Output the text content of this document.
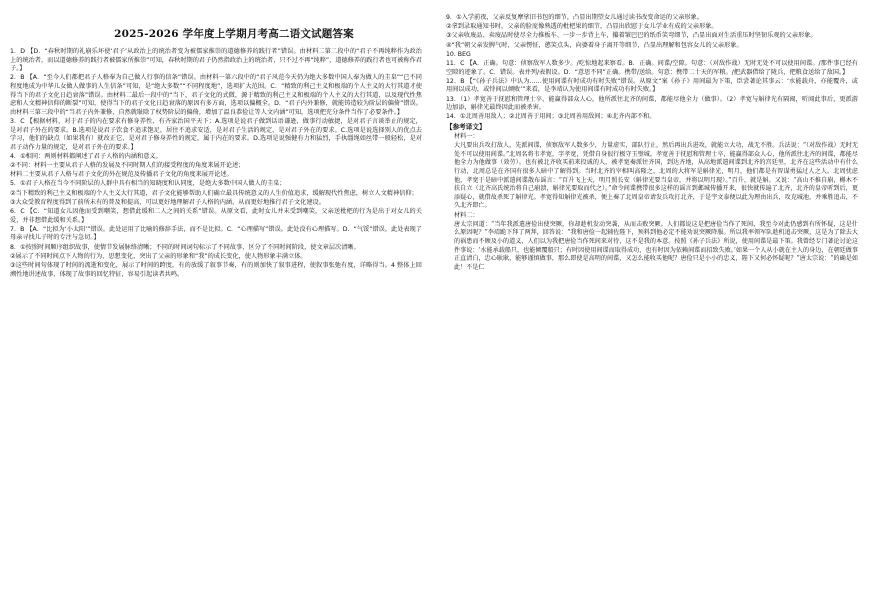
2025-2026 学年度上学期月考高二语文试题答案

1．D 【D．“春秋时期的礼崩乐坏使‘君子’从政治上的统治者变为被儒家推崇的道德修养的践行者”错误。由材料二第二段中的“君子不再纯粹作为政治上的统治者，而以道德修养的践行者被儒家所推崇”可知，春秋时期的君子仍然指政治上的统治者，只不过不再“纯粹”，道德修养的践行者也可被称作君子。】

2．B 【A．“至今人们都把君子人格奉为自己做人行事的信条”错误。由材料一第六段中的“君子风范今天仍为绝大多数中国人奉为做人的圭臬”“已不同程度地成为中华儿女做人做事的人生信条”可知，是“绝大多数”“不同程度地”，选项扩大范围。C．“精致的利己主义和极端的个人主义的大行其道才使得当下的君子文化日趋衰落”错误。由材料二最后一段中的“当下，君子文化的式微，源于精致的利己主义和极端的个人主义的大行其道，以及现代性焦虑和人文精神信仰的断裂”可知，使得当下的君子文化日趋衰落的原因有多方面，选项以偏概全。D．“君子内外兼修，就能铸造较为阶层的偏倚”错误。由材料三第三段中的“当君子内外兼修，自然就耻除了权势阶层的偏倚，增加了温良恭俭让等人文内涵”可知，选项把充分条件当作了必要条件。】

3．C 【根据材料，对于君子的内在要求有修身养性，有齐家治国平天下；A.选项是说君子做到话语谦逊，做事行动敏捷，是对君子言谈举止的规定，是对君子外在的要求。B.选项是说君子饮食不追求饱足，居住不追求安适，是对君子生活的规定，是对君子外在的要求。C.选项是说选择别人的优点去学习，他们的缺点（如果我有）就改正它，是对君子修身养性的规定，属于内在的要求。D.选项是说强健有力和猛烈，手执缰绳如丝带一般轻松，是对君子动作力量的规定，是对君子外在的要求。】

4．①相同：两则材料都阐述了君子人格的内涵和意义。

②不同：材料一主要从君子人格的发展及不同时期人们的接受程度的角度来展开论述；

材料二主要从君子人格与君子文化的外在规范及传播君子文化的角度来展开论述。

5．①君子人格在当今不同阶层的人群中具有相当的知晓度和认同度，是绝大多数中国人做人的圭臬；

②当下精致的利己主义和极端的个人主义大行其道，君子文化能够帮助人们确立最具传统意义的人生价值追求，缓解现代性焦虑，树立人文精神信仰；

③大众受教育程度得到了前所未有的普及和提高，可以更好地理解君子人格的内涵，从而更好地推行君子文化建设。

6．C 【C．“知道女儿因他而受到嘲笑，想借此缓和二人之间的关系”错误。从原文看，此时女儿并未受到嘲笑，父亲送枇杷的行为是出于对女儿的关爱，并非想借此缓和关系。】

7．B 【A．“比拟为‘小太阳’”错误。此处运用了比喻的修辞手法，而不是比拟。C．“心理描写”错误。此处没有心理描写。D．“气馁”错误，此处表现了母亲寻找儿子时的专注与急切。】

8．①按照时间顺序组织故事，使情节发展脉络清晰；不同的时间词句标示了不同故事，区分了不同时间阶段，使文章层次清晰。

②展示了不同时间点下人物的行为、思想变化，突出了父亲的形象和“我”的成长变化，使人物形象丰满立体。

③这些时间句体现了时间的流逝和变化，展示了时间的跨度，有的放缓了叙事节奏，有的则加快了叙事进程，使叙事张弛有度，详略得当。4 整体上回溯性地讲述故事，体现了故事的回忆特征，容易引起读者共鸣。

9．①入学前夜，父亲反复摩挲旧书包的细节，凸显出期望女儿通过读书改变命运的父亲形象。

②拿到录取通知书时，父亲的脸庞像熟透的枇杷果的细节，凸显出欣慰于女儿学业有成的父亲形象。

③父亲收废品、卖废品时使尽全力推板车、一步一步背上车，攥着皱巴巴的纸币笑弯细节，凸显出面对生活重压时坚韧乐观的父亲形象。

④“我”朝父亲发脾气时，父亲愣怔，憨笑点头，向婆着身子离开等细节，凸显出理解和包容女儿的父亲形象。

10. BEG

11．C 【A．正确。句意：侦察敌军人数多少。/吃惊地起来察看。B．正确。间谍/空隙。句意：（对敌作战）无时无处不可以使用间谍。/那件事已经有空隙的迹象了。C．错误。表并列/表假设。D．“意思不同”正确。携带/送给。句意：携带二十天的军粮。/把武器借给了陇兵，把粮食送给了敌国。】

12．B 【“《孙子兵法》中认为……使用间谍有时成功有时失败”错误。从原文“案《孙子》用间最为下策，臣尝著论其事云：‘水能载舟，亦能覆舟，或用间以成功，或恃间以倾败’”来看，是李靖认为使用间谍有时成功有时失败。】

13．（1）孝宽善于抚慰和管理士卒，能赢得部众人心，他所派往北齐的间谍，都能尽他全力（做事）。（2）孝宽与斛律光有隔阂，听闻此事后，更派游边加添，斛律光最终因此而被杀害。

14．①北周善用敌人；②北周善于用间；③北周善用敌间；④北齐内部不和。

【参考译文】

材料一：

大凡要出兵攻打敌人，先派间谍，侦察敌军人数多少，力量虚实，部队行止，然后再出兵进攻，就能立大功，战无不胜。兵法说：“（对敌作战）无时无处不可以使用间谍。”北周名将韦孝宽，字孝宽，凭借自身很行极守玉璧城。孝宽善于抚慰和管理士卒，能赢得部众人心，他所派往北齐的间谍，都能尽他全力为他做事（效劳）。也有被北齐收买前来投诚的人，被孝宽奏派往齐国，到达齐地，从高地派遣间谍到北齐的宫廷里，北齐在这些活动中有什么行动，北周总是在齐国有很多人暗中了解得到。当时北齐的宰相叫高隆之，北周的大将军是斛律光，明月，他们都是有智谋勇猛过人之人。北周忧虑他，孝宽于是暗中派遣间谍散布谣言：“百升飞上天，明月照长安（斛律光要当皇帝，并将以明月现）。”百升，就是斛。又说：“高山不推自崩，槲木不扶自立（北齐高氏统治将自己崩溃，斛律光要取而代之）。”命令间谍携带很多这样的谣言到邺城传播开来，很快就传遍了北齐，北齐的皇帝听到后，更添疑心，就借故杀死了斛律光。孝宽得知斛律光被杀，便上奏了北周皇帝请发兵攻打北齐，于是宇文泰便以此为理由出兵，攻克城池，并乘胜追击，不久北齐即亡。

材料二：

唐太宗问道：“当年我派遣唐俭出使突厥，你却趁机发动突袭，从而击败突厥。人们都说这是把唐俭当作了死间，我至今对此仍感到有所怀疑，这是什么原因呢？”李靖跪下拜了两拜，回答说：“我和唐俭一起辅佐陛下，预料到他必定不能劝说突厥降服。所以我率领军队趁机追击突厥，这是为了除去大的祸患而不顾及小的道义，人们以为我把唐俭当作死间来对待，这不是我的本意。按照《孙子兵法》所说，使用间谍是最下策。我曾经专门著论讨论这件事说：‘水能承载船只，也能倾覆船只；有时因使用间谍而取得成功，也有时因为依赖间谍而招致失败。’如果一个人从小就在主人的身边，在朝廷做事正直清白，忠心耿耿，能够谨慎做事，那么即使是高明的间谍，又怎么能收买他呢？唐俭只是小小的忠义，陛下又何必怀疑呢？”唐太宗说：“的确是如此！不是仁
